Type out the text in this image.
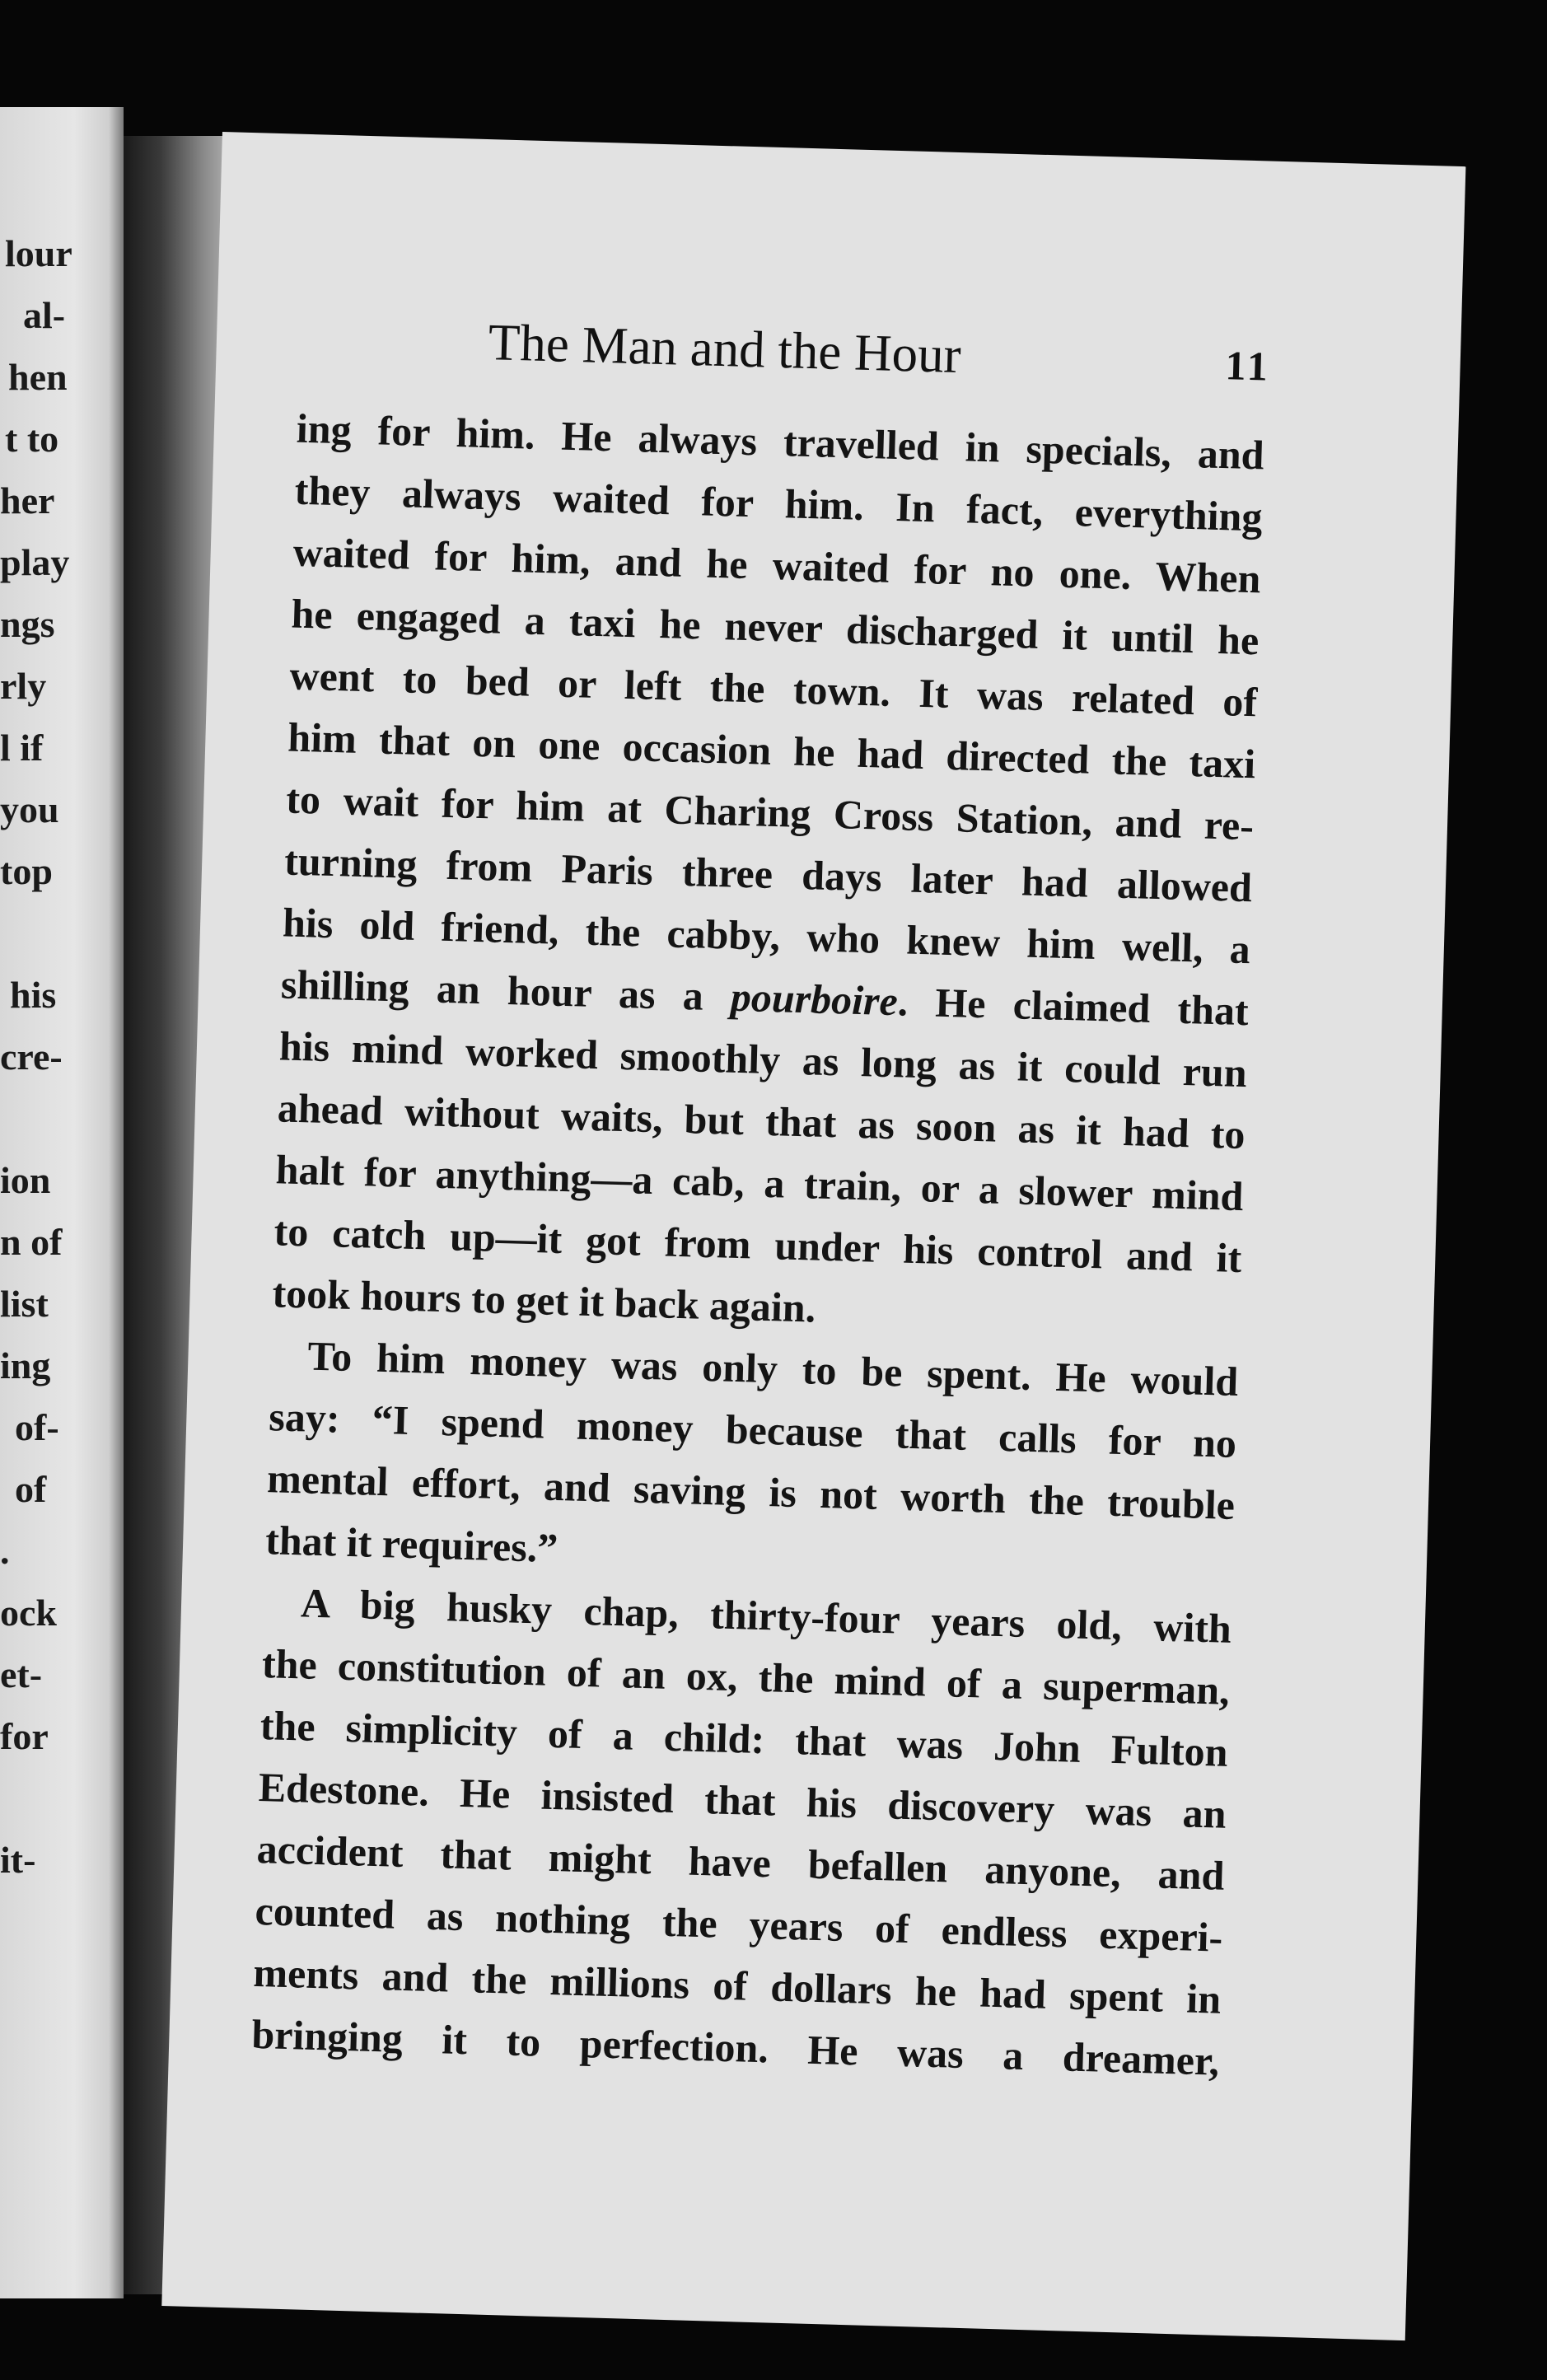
lour
al-
hen
t to
her
play
ngs
rly
l if
you
top
his
cre-
ion
n of
list
ing
of-
of
.
ock
et-
for
it-
The Man and the Hour	11
ing for him. He always travelled in specials, and
they always waited for him. In fact, everything
waited for him, and he waited for no one. When
he engaged a taxi he never discharged it until he
went to bed or left the town. It was related of
him that on one occasion he had directed the taxi
to wait for him at Charing Cross Station, and re-
turning from Paris three days later had allowed
his old friend, the cabby, who knew him well, a
shilling an hour as a pourboire. He claimed that
his mind worked smoothly as long as it could run
ahead without waits, but that as soon as it had to
halt for anything—a cab, a train, or a slower mind
to catch up—it got from under his control and it
took hours to get it back again.
To him money was only to be spent. He would
say: “I spend money because that calls for no
mental effort, and saving is not worth the trouble
that it requires.”
A big husky chap, thirty-four years old, with
the constitution of an ox, the mind of a superman,
the simplicity of a child: that was John Fulton
Edestone. He insisted that his discovery was an
accident that might have befallen anyone, and
counted as nothing the years of endless experi-
ments and the millions of dollars he had spent in
bringing it to perfection. He was a dreamer,
